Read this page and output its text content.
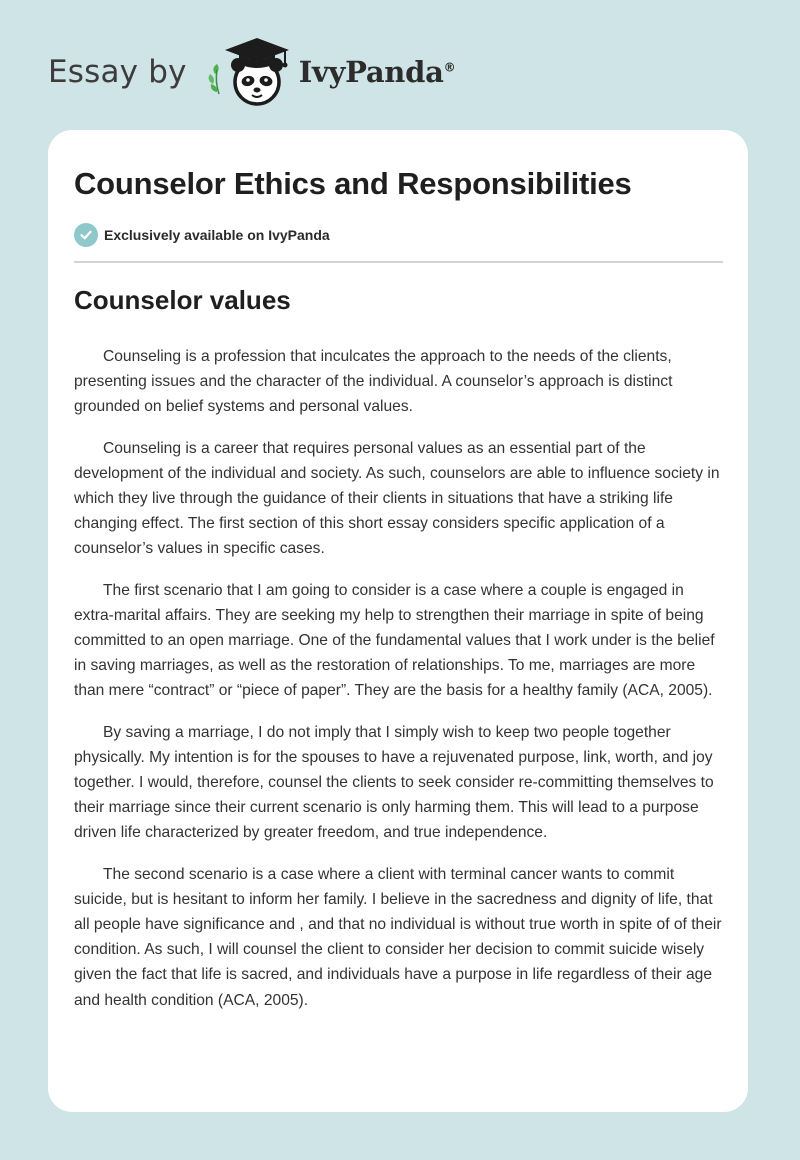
Essay by	IvyPanda®
Counselor Ethics and Responsibilities
Exclusively available on IvyPanda
Counselor values

Counseling is a profession that inculcates the approach to the needs of the clients, presenting issues and the character of the individual. A counselor’s approach is distinct grounded on belief systems and personal values.

Counseling is a career that requires personal values as an essential part of the development of the individual and society. As such, counselors are able to influence society in which they live through the guidance of their clients in situations that have a striking life changing effect. The first section of this short essay considers specific application of a counselor’s values in specific cases.

The first scenario that I am going to consider is a case where a couple is engaged in extra-marital affairs. They are seeking my help to strengthen their marriage in spite of being committed to an open marriage. One of the fundamental values that I work under is the belief in saving marriages, as well as the restoration of relationships. To me, marriages are more than mere “contract” or “piece of paper”. They are the basis for a healthy family (ACA, 2005).

By saving a marriage, I do not imply that I simply wish to keep two people together physically. My intention is for the spouses to have a rejuvenated purpose, link, worth, and joy together. I would, therefore, counsel the clients to seek consider re-committing themselves to their marriage since their current scenario is only harming them. This will lead to a purpose driven life characterized by greater freedom, and true independence.

The second scenario is a case where a client with terminal cancer wants to commit suicide, but is hesitant to inform her family. I believe in the sacredness and dignity of life, that all people have significance and , and that no individual is without true worth in spite of of their condition. As such, I will counsel the client to consider her decision to commit suicide wisely given the fact that life is sacred, and individuals have a purpose in life regardless of their age and health condition (ACA, 2005).
